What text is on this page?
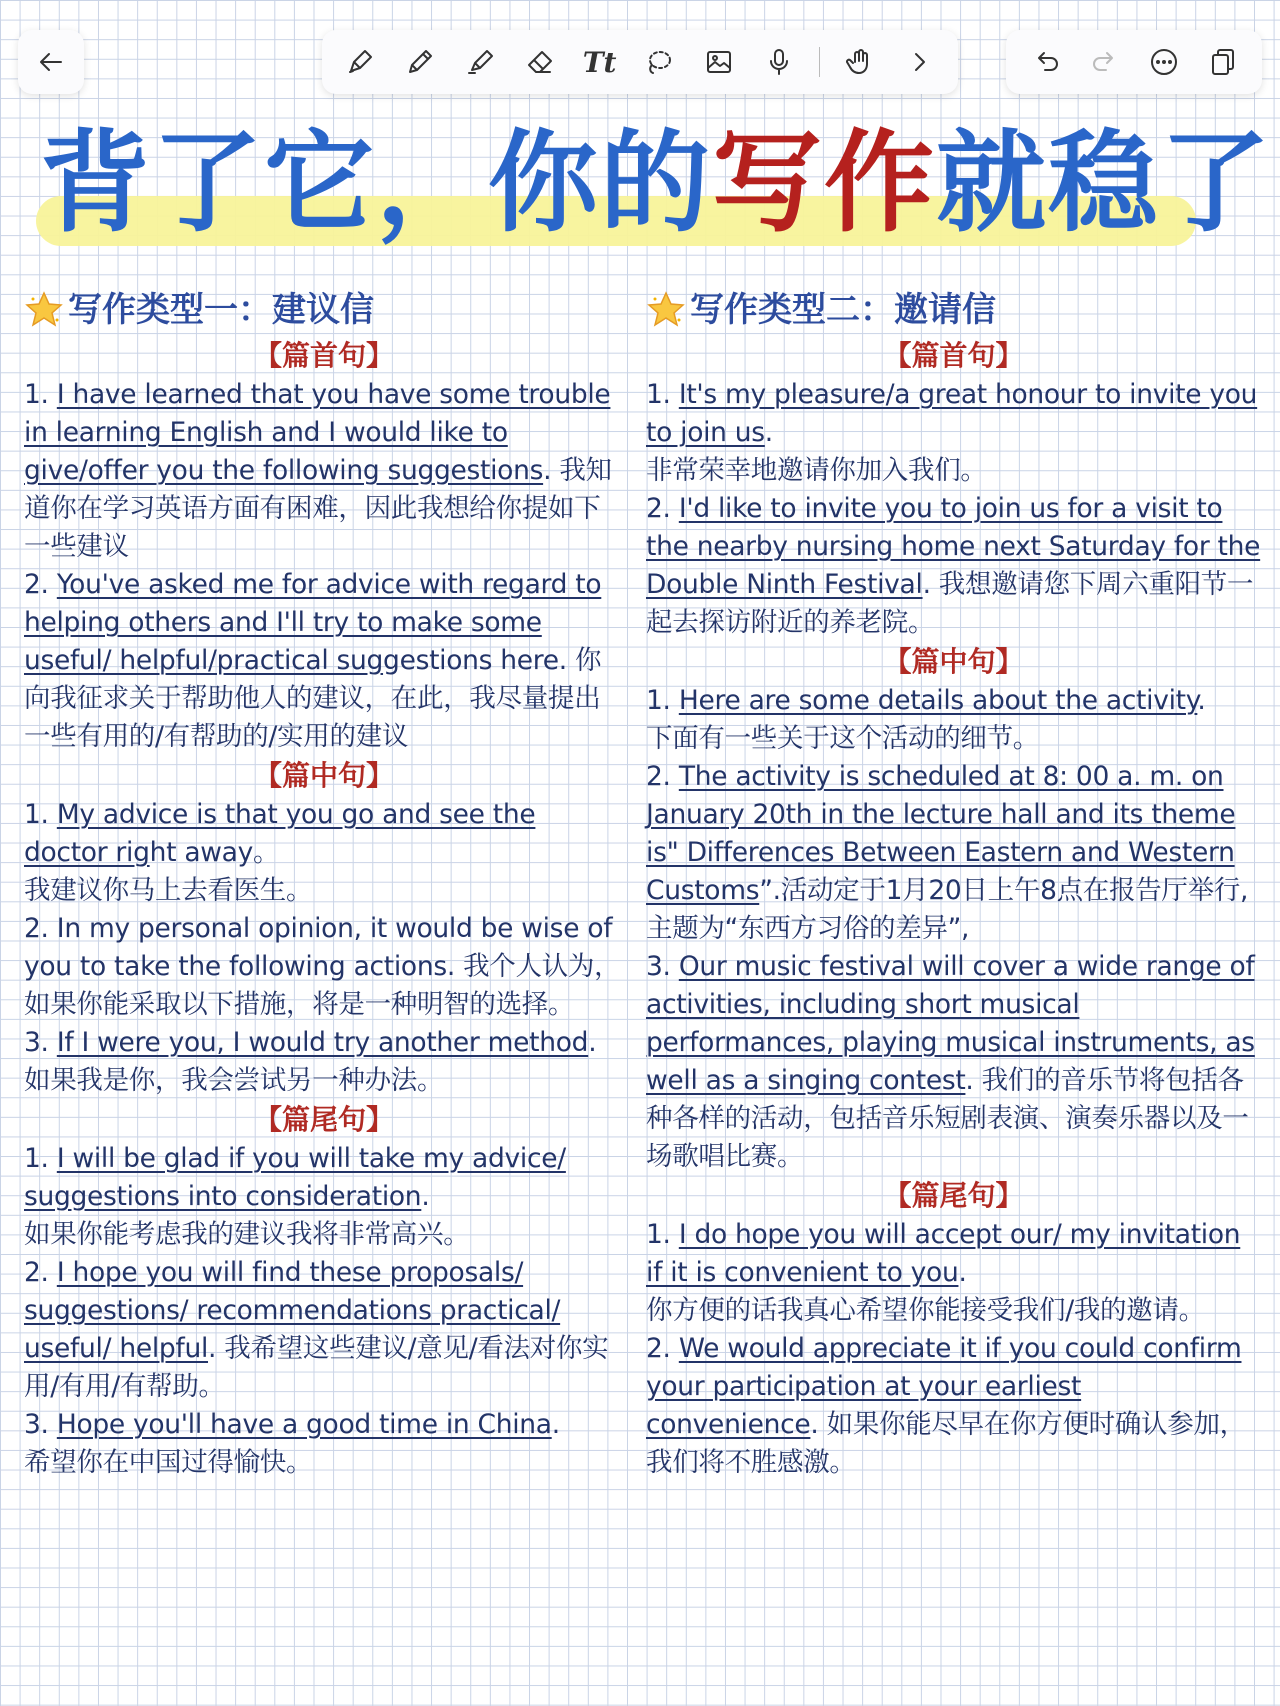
Tt
背了它，你的写作就稳了
写作类型一：建议信
【篇首句】
1. I have learned that you have some trouble in learning English and I would like to give/offer you the following suggestions. 我知道你在学习英语方面有困难，因此我想给你提如下一些建议
2. You've asked me for advice with regard to helping others and I'll try to make some useful/ helpful/practical suggestions here. 你向我征求关于帮助他人的建议，在此，我尽量提出一些有用的/有帮助的/实用的建议
【篇中句】
1. My advice is that you go and see the doctor right away。
我建议你马上去看医生。
2. In my personal opinion, it would be wise of you to take the following actions. 我个人认为，如果你能采取以下措施，将是一种明智的选择。
3. If I were you, I would try another method.
如果我是你，我会尝试另一种办法。
【篇尾句】
1. I will be glad if you will take my advice/ suggestions into consideration.
如果你能考虑我的建议我将非常高兴。
2. I hope you will find these proposals/ suggestions/ recommendations practical/ useful/ helpful. 我希望这些建议/意见/看法对你实用/有用/有帮助。
3. Hope you'll have a good time in China.
希望你在中国过得愉快。
写作类型二：邀请信
【篇首句】
1. It's my pleasure/a great honour to invite you to join us.
非常荣幸地邀请你加入我们。
2. I'd like to invite you to join us for a visit to the nearby nursing home next Saturday for the Double Ninth Festival. 我想邀请您下周六重阳节一起去探访附近的养老院。
【篇中句】
1. Here are some details about the activity.
下面有一些关于这个活动的细节。
2. The activity is scheduled at 8: 00 a. m. on January 20th in the lecture hall and its theme is" Differences Between Eastern and Western Customs”.活动定于1月20日上午8点在报告厅举行,主题为“东西方习俗的差异”,
3. Our music festival will cover a wide range of activities, including short musical performances, playing musical instruments, as well as a singing contest. 我们的音乐节将包括各种各样的活动，包括音乐短剧表演、演奏乐器以及一场歌唱比赛。
【篇尾句】
1. I do hope you will accept our/ my invitation if it is convenient to you.
你方便的话我真心希望你能接受我们/我的邀请。
2. We would appreciate it if you could confirm your participation at your earliest convenience. 如果你能尽早在你方便时确认参加，我们将不胜感激。
